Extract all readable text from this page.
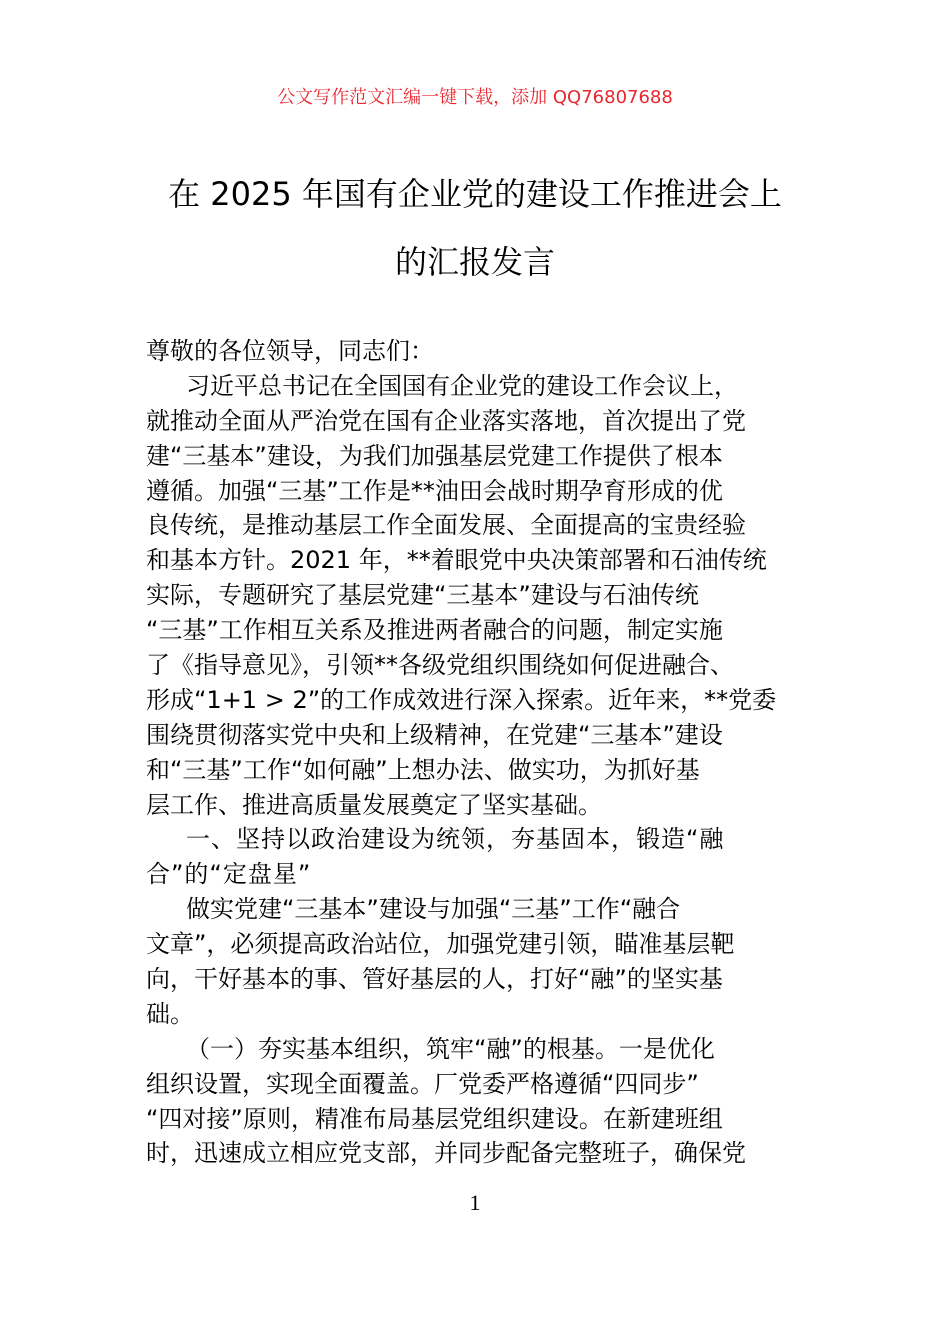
公文写作范文汇编一键下载，添加 QQ76807688
在 2025 年国有企业党的建设工作推进会上
的汇报发言
尊敬的各位领导，同志们：
习近平总书记在全国国有企业党的建设工作会议上，
就推动全面从严治党在国有企业落实落地，首次提出了党
建“三基本”建设，为我们加强基层党建工作提供了根本
遵循。加强“三基”工作是**油田会战时期孕育形成的优
良传统，是推动基层工作全面发展、全面提高的宝贵经验
和基本方针。2021 年，**着眼党中央决策部署和石油传统
实际，专题研究了基层党建“三基本”建设与石油传统
“三基”工作相互关系及推进两者融合的问题，制定实施
了《指导意见》，引领**各级党组织围绕如何促进融合、
形成“1+1 > 2”的工作成效进行深入探索。近年来，**党委
围绕贯彻落实党中央和上级精神，在党建“三基本”建设
和“三基”工作“如何融”上想办法、做实功，为抓好基
层工作、推进高质量发展奠定了坚实基础。
一、坚持以政治建设为统领，夯基固本，锻造“融
合”的“定盘星”
做实党建“三基本”建设与加强“三基”工作“融合
文章”，必须提高政治站位，加强党建引领，瞄准基层靶
向，干好基本的事、管好基层的人，打好“融”的坚实基
础。
（一）夯实基本组织，筑牢“融”的根基。一是优化
组织设置，实现全面覆盖。厂党委严格遵循“四同步”
“四对接”原则，精准布局基层党组织建设。在新建班组
时，迅速成立相应党支部，并同步配备完整班子，确保党
1
